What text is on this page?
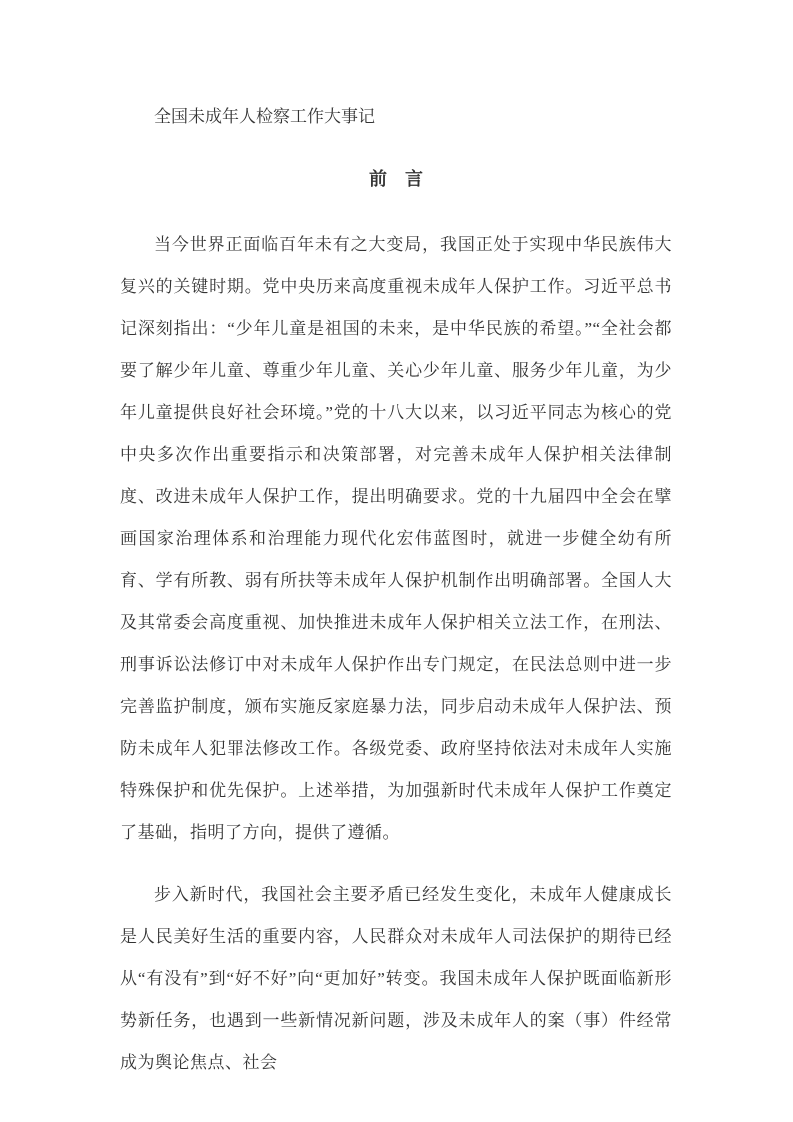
全国未成年人检察工作大事记

前　言

当今世界正面临百年未有之大变局，我国正处于实现中华民族伟大复兴的关键时期。党中央历来高度重视未成年人保护工作。习近平总书记深刻指出：“少年儿童是祖国的未来，是中华民族的希望。”“全社会都要了解少年儿童、尊重少年儿童、关心少年儿童、服务少年儿童，为少年儿童提供良好社会环境。”党的十八大以来，以习近平同志为核心的党中央多次作出重要指示和决策部署，对完善未成年人保护相关法律制度、改进未成年人保护工作，提出明确要求。党的十九届四中全会在擘画国家治理体系和治理能力现代化宏伟蓝图时，就进一步健全幼有所育、学有所教、弱有所扶等未成年人保护机制作出明确部署。全国人大及其常委会高度重视、加快推进未成年人保护相关立法工作，在刑法、刑事诉讼法修订中对未成年人保护作出专门规定，在民法总则中进一步完善监护制度，颁布实施反家庭暴力法，同步启动未成年人保护法、预防未成年人犯罪法修改工作。各级党委、政府坚持依法对未成年人实施特殊保护和优先保护。上述举措，为加强新时代未成年人保护工作奠定了基础，指明了方向，提供了遵循。

步入新时代，我国社会主要矛盾已经发生变化，未成年人健康成长是人民美好生活的重要内容，人民群众对未成年人司法保护的期待已经从“有没有”到“好不好”向“更加好”转变。我国未成年人保护既面临新形势新任务，也遇到一些新情况新问题，涉及未成年人的案（事）件经常成为舆论焦点、社会
